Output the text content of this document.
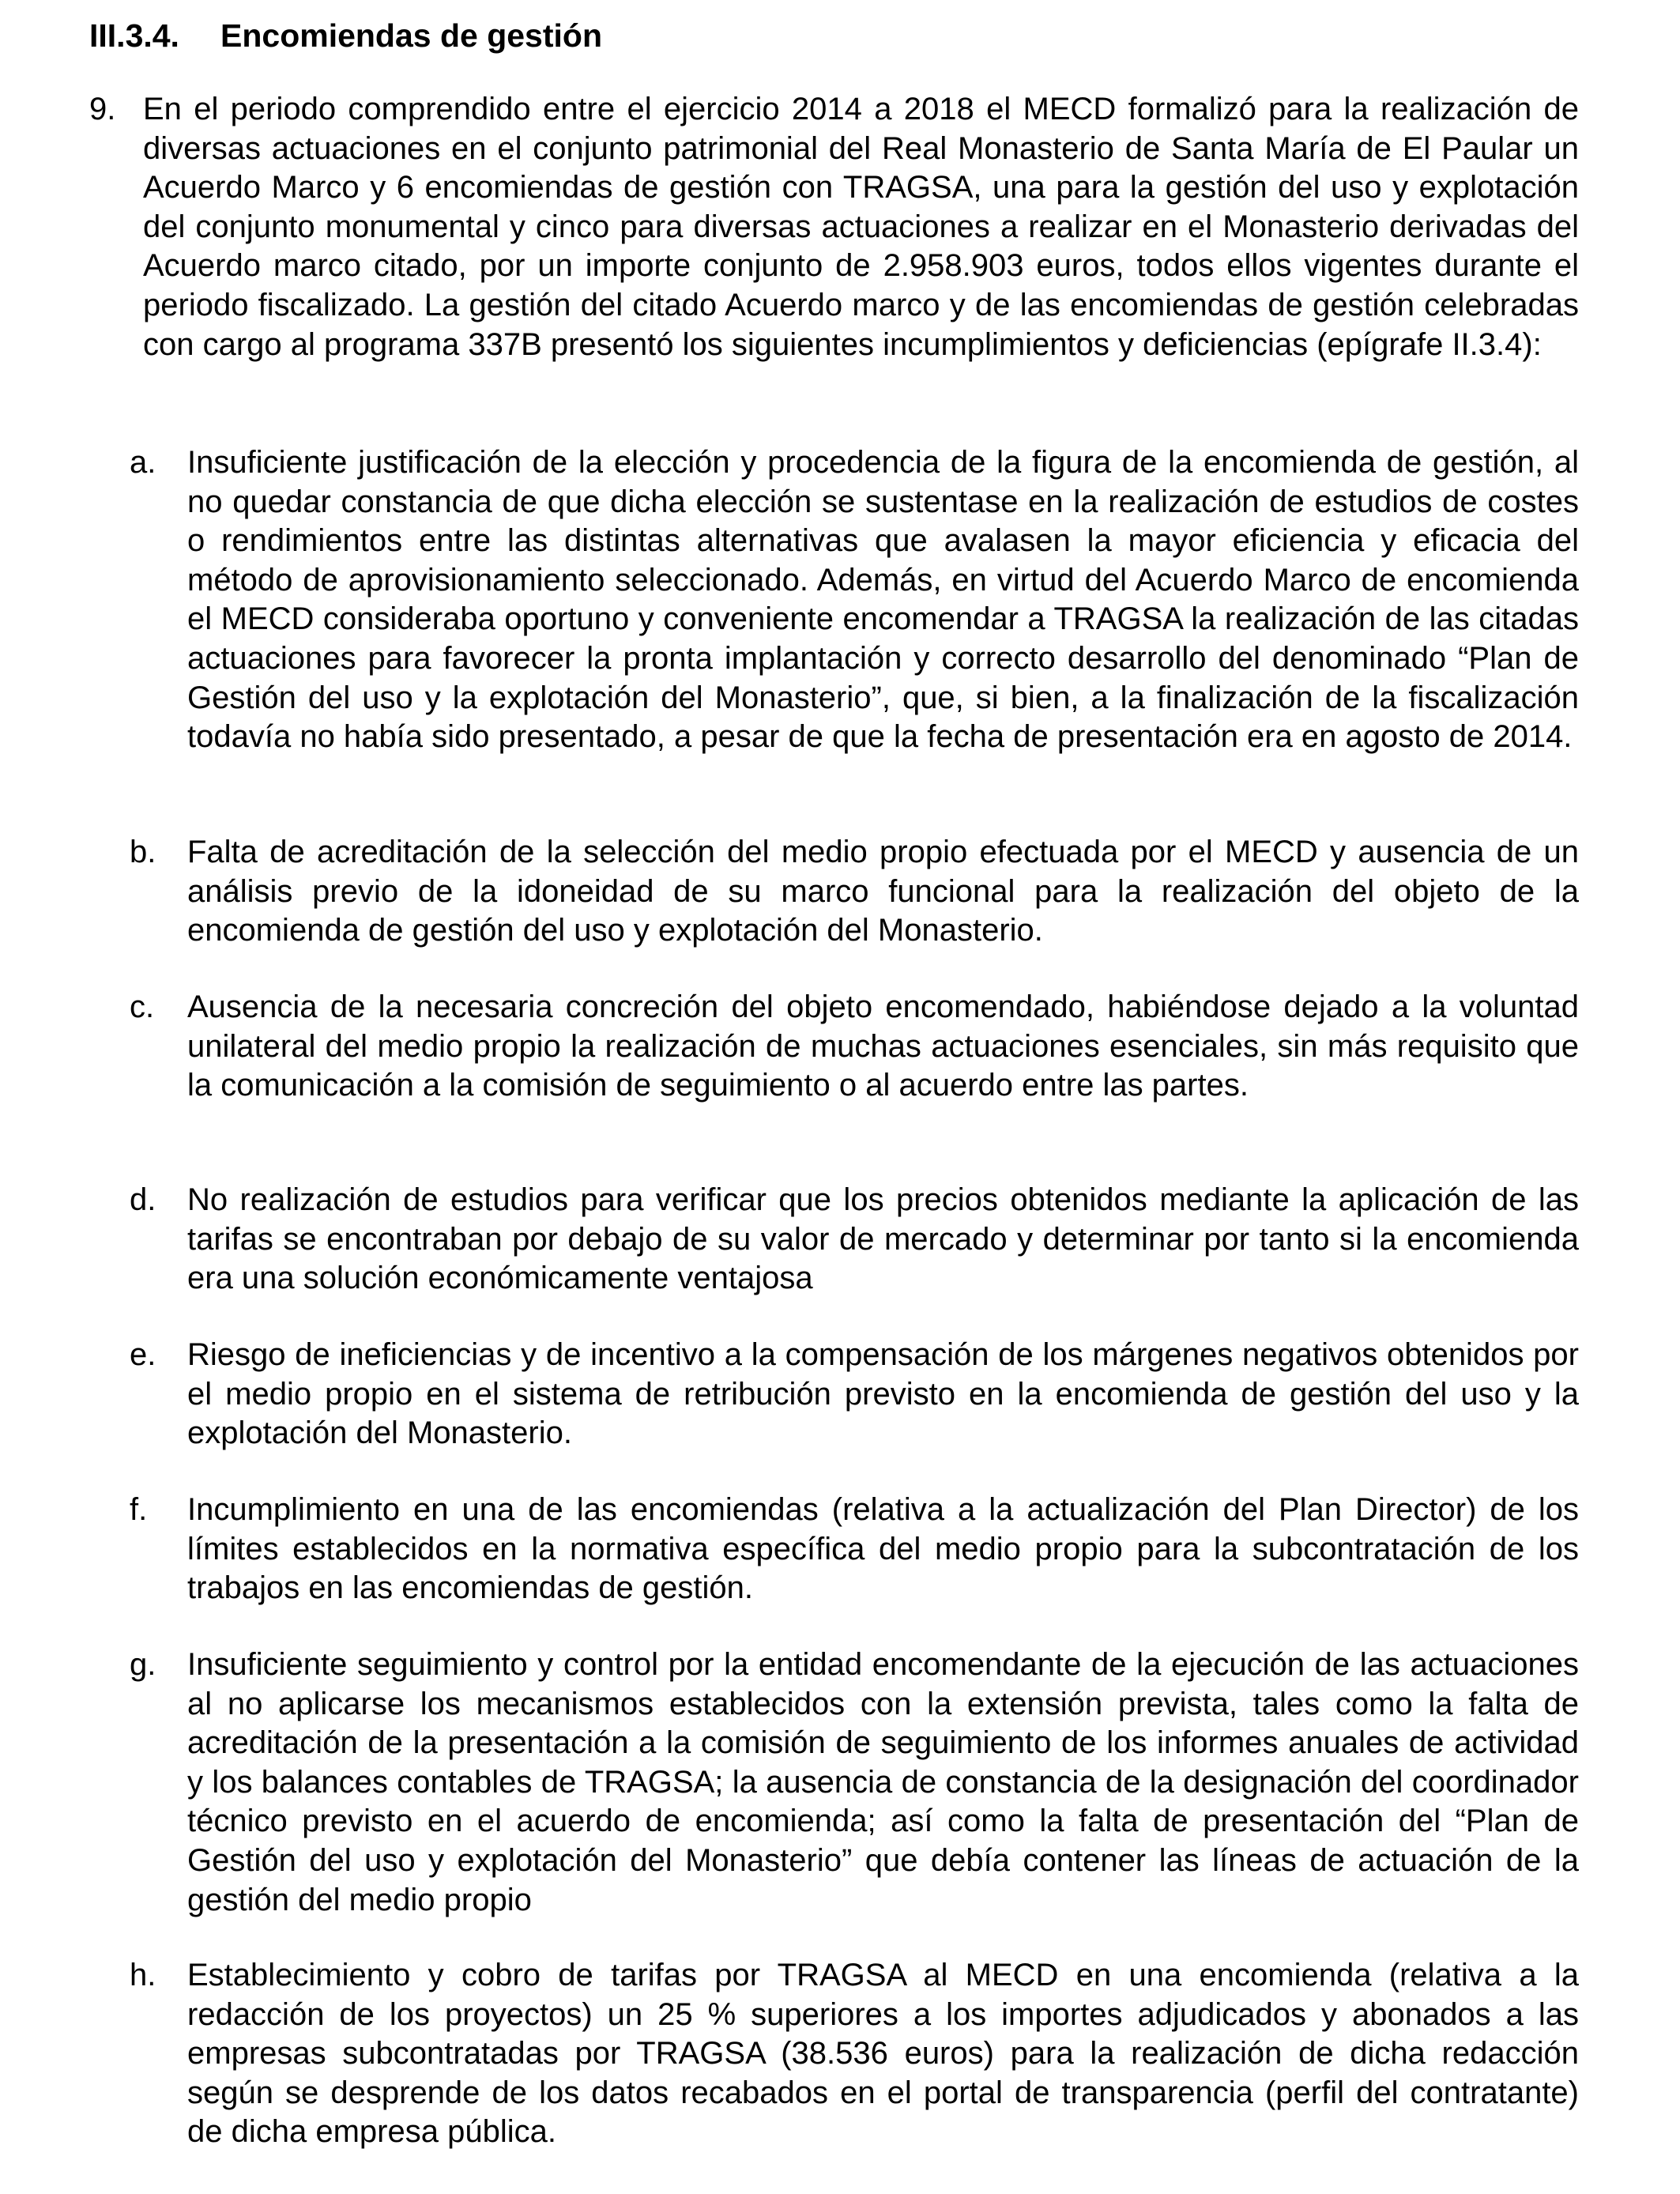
III.3.4. Encomiendas de gestión
9. En el periodo comprendido entre el ejercicio 2014 a 2018 el MECD formalizó para la realización de diversas actuaciones en el conjunto patrimonial del Real Monasterio de Santa María de El Paular un Acuerdo Marco y 6 encomiendas de gestión con TRAGSA, una para la gestión del uso y explotación del conjunto monumental y cinco para diversas actuaciones a realizar en el Monasterio derivadas del Acuerdo marco citado, por un importe conjunto de 2.958.903 euros, todos ellos vigentes durante el periodo fiscalizado. La gestión del citado Acuerdo marco y de las encomiendas de gestión celebradas con cargo al programa 337B presentó los siguientes incumplimientos y deficiencias (epígrafe II.3.4):
a. Insuficiente justificación de la elección y procedencia de la figura de la encomienda de gestión, al no quedar constancia de que dicha elección se sustentase en la realización de estudios de costes o rendimientos entre las distintas alternativas que avalasen la mayor eficiencia y eficacia del método de aprovisionamiento seleccionado. Además, en virtud del Acuerdo Marco de encomienda el MECD consideraba oportuno y conveniente encomendar a TRAGSA la realización de las citadas actuaciones para favorecer la pronta implantación y correcto desarrollo del denominado “Plan de Gestión del uso y la explotación del Monasterio”, que, si bien, a la finalización de la fiscalización todavía no había sido presentado, a pesar de que la fecha de presentación era en agosto de 2014.
b. Falta de acreditación de la selección del medio propio efectuada por el MECD y ausencia de un análisis previo de la idoneidad de su marco funcional para la realización del objeto de la encomienda de gestión del uso y explotación del Monasterio.
c. Ausencia de la necesaria concreción del objeto encomendado, habiéndose dejado a la voluntad unilateral del medio propio la realización de muchas actuaciones esenciales, sin más requisito que la comunicación a la comisión de seguimiento o al acuerdo entre las partes.
d. No realización de estudios para verificar que los precios obtenidos mediante la aplicación de las tarifas se encontraban por debajo de su valor de mercado y determinar por tanto si la encomienda era una solución económicamente ventajosa
e. Riesgo de ineficiencias y de incentivo a la compensación de los márgenes negativos obtenidos por el medio propio en el sistema de retribución previsto en la encomienda de gestión del uso y la explotación del Monasterio.
f. Incumplimiento en una de las encomiendas (relativa a la actualización del Plan Director) de los límites establecidos en la normativa específica del medio propio para la subcontratación de los trabajos en las encomiendas de gestión.
g. Insuficiente seguimiento y control por la entidad encomendante de la ejecución de las actuaciones al no aplicarse los mecanismos establecidos con la extensión prevista, tales como la falta de acreditación de la presentación a la comisión de seguimiento de los informes anuales de actividad y los balances contables de TRAGSA; la ausencia de constancia de la designación del coordinador técnico previsto en el acuerdo de encomienda; así como la falta de presentación del “Plan de Gestión del uso y explotación del Monasterio” que debía contener las líneas de actuación de la gestión del medio propio
h. Establecimiento y cobro de tarifas por TRAGSA al MECD en una encomienda (relativa a la redacción de los proyectos) un 25 % superiores a los importes adjudicados y abonados a las empresas subcontratadas por TRAGSA (38.536 euros) para la realización de dicha redacción según se desprende de los datos recabados en el portal de transparencia (perfil del contratante) de dicha empresa pública.
